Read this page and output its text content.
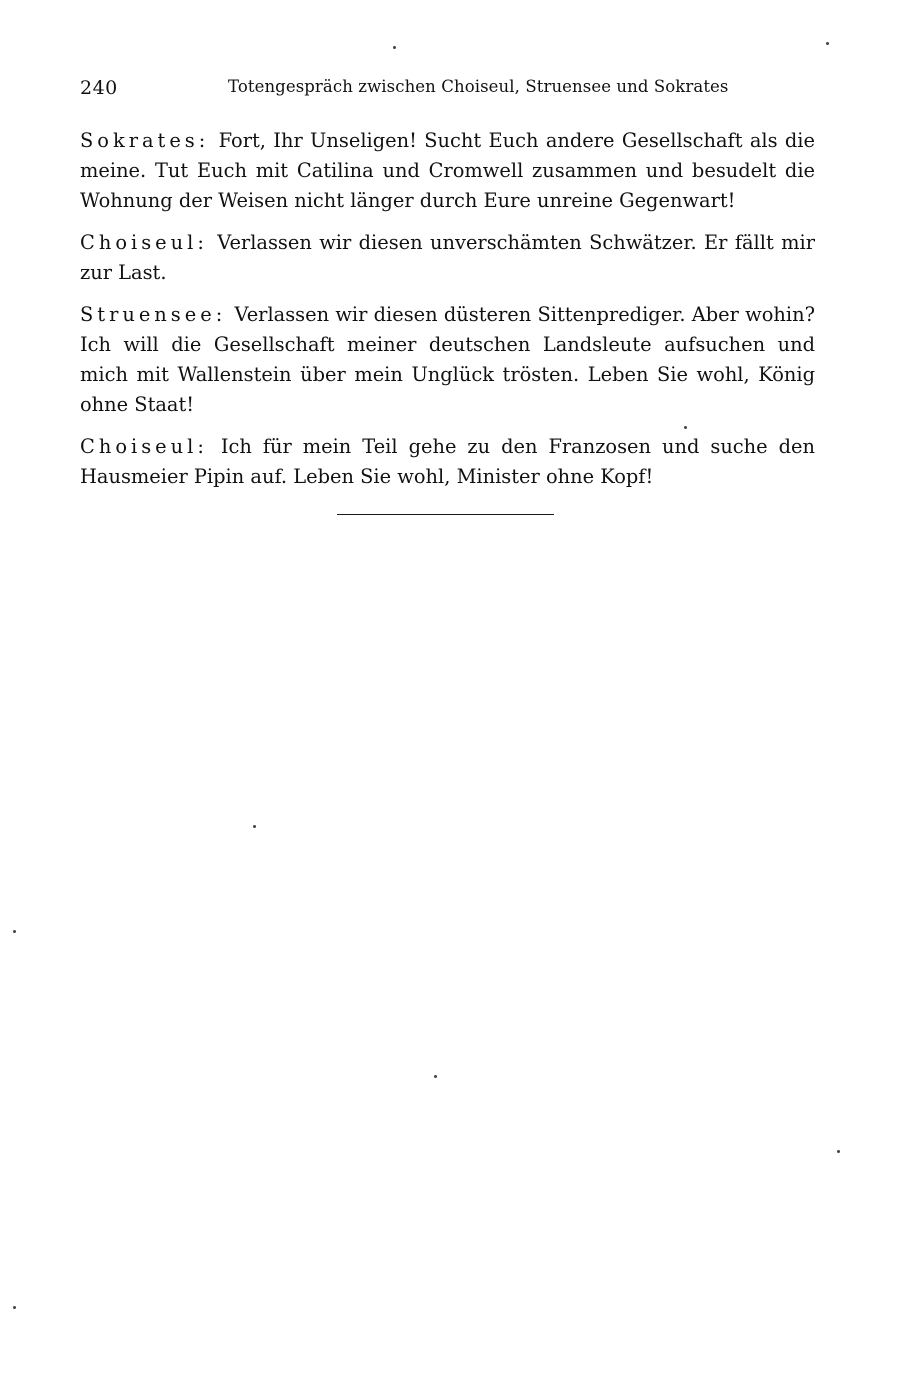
240	Totengespräch zwischen Choiseul, Struensee und Sokrates

Sokrates: Fort, Ihr Unseligen! Sucht Euch andere Gesellschaft als die meine. Tut Euch mit Catilina und Cromwell zusammen und besudelt die Wohnung der Weisen nicht länger durch Eure unreine Gegenwart!

Choiseul: Verlassen wir diesen unverschämten Schwätzer. Er fällt mir zur Last.

Struensee: Verlassen wir diesen düsteren Sittenprediger. Aber wohin? Ich will die Gesellschaft meiner deutschen Landsleute aufsuchen und mich mit Wallenstein über mein Unglück trösten. Leben Sie wohl, König ohne Staat!

Choiseul: Ich für mein Teil gehe zu den Franzosen und suche den Hausmeier Pipin auf. Leben Sie wohl, Minister ohne Kopf!
